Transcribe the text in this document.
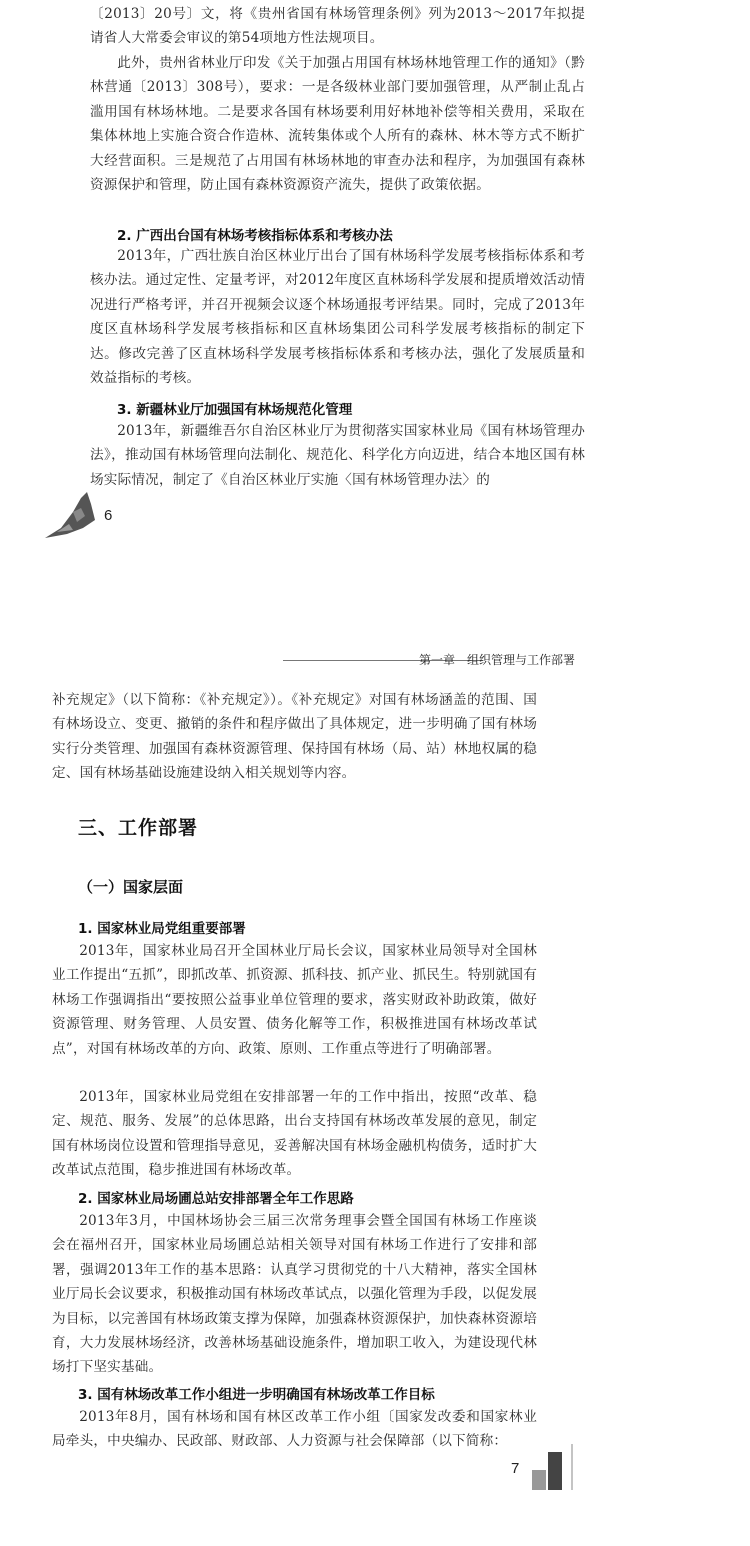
〔2013〕20号〕文，将《贵州省国有林场管理条例》列为2013～2017年拟提请省人大常委会审议的第54项地方性法规项目。

此外，贵州省林业厅印发《关于加强占用国有林场林地管理工作的通知》（黔林营通〔2013〕308号），要求：一是各级林业部门要加强管理，从严制止乱占滥用国有林场林地。二是要求各国有林场要利用好林地补偿等相关费用，采取在集体林地上实施合资合作造林、流转集体或个人所有的森林、林木等方式不断扩大经营面积。三是规范了占用国有林场林地的审查办法和程序，为加强国有森林资源保护和管理，防止国有森林资源资产流失，提供了政策依据。

2. 广西出台国有林场考核指标体系和考核办法

2013年，广西壮族自治区林业厅出台了国有林场科学发展考核指标体系和考核办法。通过定性、定量考评，对2012年度区直林场科学发展和提质增效活动情况进行严格考评，并召开视频会议逐个林场通报考评结果。同时，完成了2013年度区直林场科学发展考核指标和区直林场集团公司科学发展考核指标的制定下达。修改完善了区直林场科学发展考核指标体系和考核办法，强化了发展质量和效益指标的考核。

3. 新疆林业厅加强国有林场规范化管理

2013年，新疆维吾尔自治区林业厅为贯彻落实国家林业局《国有林场管理办法》，推动国有林场管理向法制化、规范化、科学化方向迈进，结合本地区国有林场实际情况，制定了《自治区林业厅实施〈国有林场管理办法〉的

6
第一章　组织管理与工作部署

补充规定》（以下简称：《补充规定》）。《补充规定》对国有林场涵盖的范围、国有林场设立、变更、撤销的条件和程序做出了具体规定，进一步明确了国有林场实行分类管理、加强国有森林资源管理、保持国有林场（局、站）林地权属的稳定、国有林场基础设施建设纳入相关规划等内容。

三、工作部署
（一）国家层面
1. 国家林业局党组重要部署

2013年，国家林业局召开全国林业厅局长会议，国家林业局领导对全国林业工作提出“五抓”，即抓改革、抓资源、抓科技、抓产业、抓民生。特别就国有林场工作强调指出“要按照公益事业单位管理的要求，落实财政补助政策，做好资源管理、财务管理、人员安置、债务化解等工作，积极推进国有林场改革试点”，对国有林场改革的方向、政策、原则、工作重点等进行了明确部署。

2013年，国家林业局党组在安排部署一年的工作中指出，按照“改革、稳定、规范、服务、发展”的总体思路，出台支持国有林场改革发展的意见，制定国有林场岗位设置和管理指导意见，妥善解决国有林场金融机构债务，适时扩大改革试点范围，稳步推进国有林场改革。

2. 国家林业局场圃总站安排部署全年工作思路

2013年3月，中国林场协会三届三次常务理事会暨全国国有林场工作座谈会在福州召开，国家林业局场圃总站相关领导对国有林场工作进行了安排和部署，强调2013年工作的基本思路：认真学习贯彻党的十八大精神，落实全国林业厅局长会议要求，积极推动国有林场改革试点，以强化管理为手段，以促发展为目标，以完善国有林场政策支撑为保障，加强森林资源保护，加快森林资源培育，大力发展林场经济，改善林场基础设施条件，增加职工收入，为建设现代林场打下坚实基础。

3. 国有林场改革工作小组进一步明确国有林场改革工作目标

2013年8月，国有林场和国有林区改革工作小组〔国家发改委和国家林业局牵头，中央编办、民政部、财政部、人力资源与社会保障部（以下简称：

7
